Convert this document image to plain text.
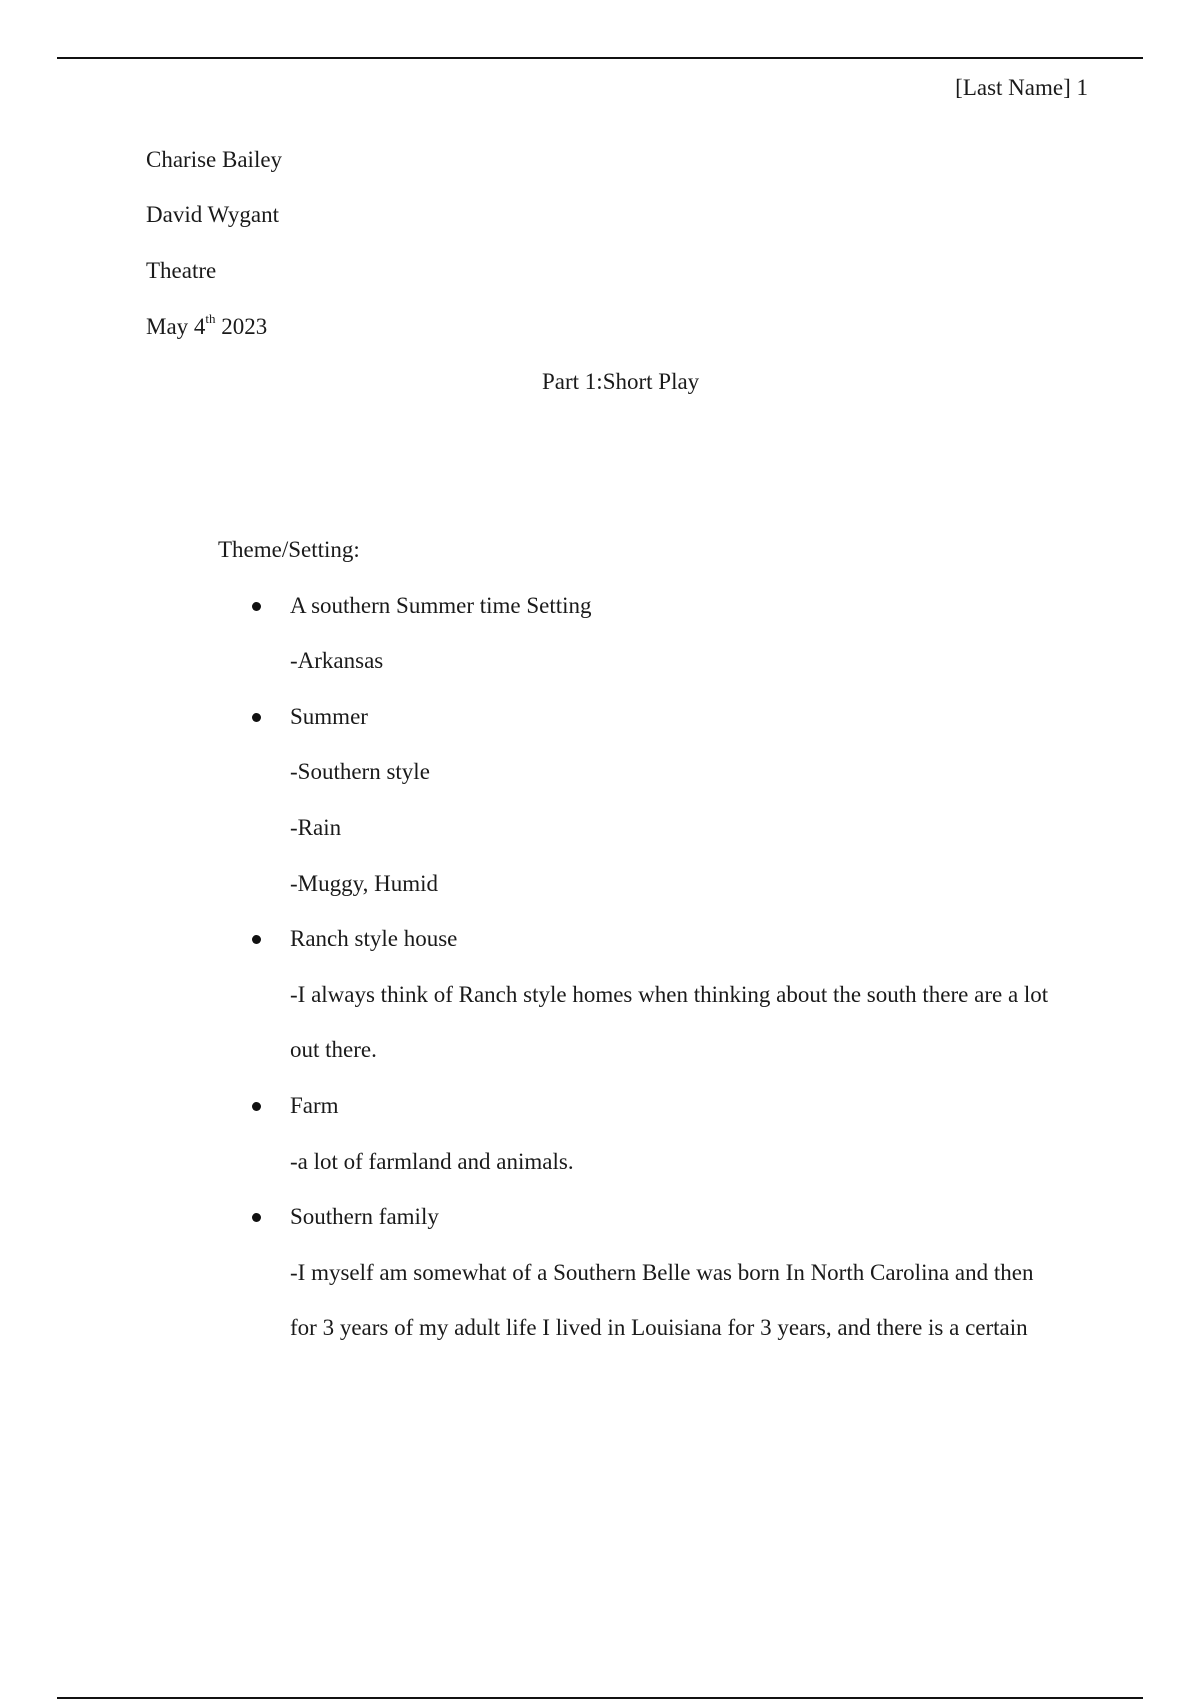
[Last Name] 1
Charise Bailey
David Wygant
Theatre
May 4th 2023
Part 1:Short Play
Theme/Setting:
A southern Summer time Setting
-Arkansas
Summer
-Southern style
-Rain
-Muggy, Humid
Ranch style house
-I always think of Ranch style homes when thinking about the south there are a lot
out there.
Farm
-a lot of farmland and animals.
Southern family
-I myself am somewhat of a Southern Belle was born In North Carolina and then
for 3 years of my adult life I lived in Louisiana for 3 years, and there is a certain
